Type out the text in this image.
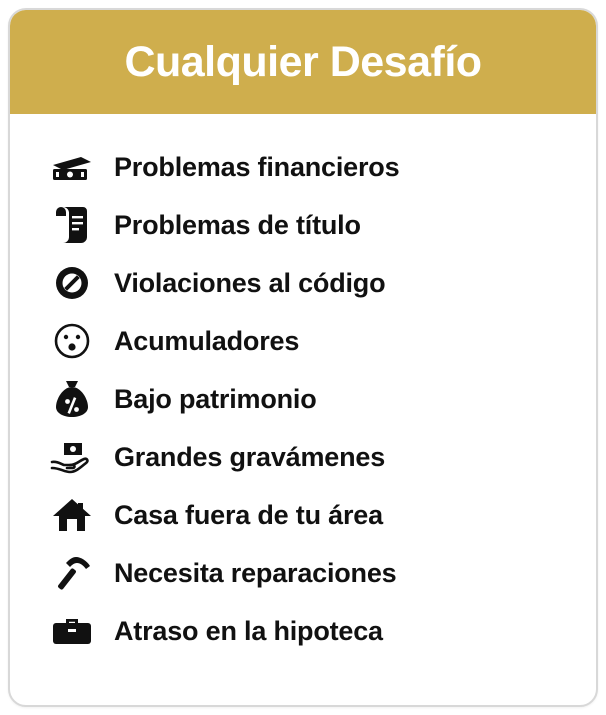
Cualquier Desafío
Problemas financieros
Problemas de título
Violaciones al código
Acumuladores
Bajo patrimonio
Grandes gravámenes
Casa fuera de tu área
Necesita reparaciones
Atraso en la hipoteca
